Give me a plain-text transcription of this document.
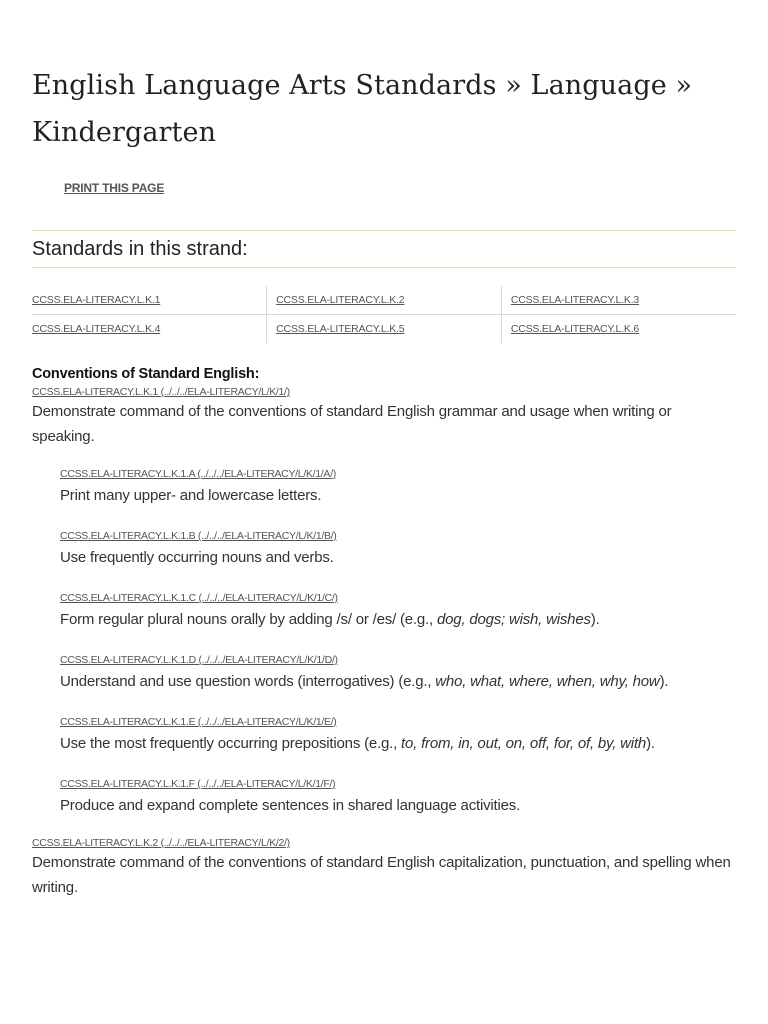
English Language Arts Standards » Language » Kindergarten
PRINT THIS PAGE
Standards in this strand:
CCSS.ELA-LITERACY.L.K.1	CCSS.ELA-LITERACY.L.K.2	CCSS.ELA-LITERACY.L.K.3
CCSS.ELA-LITERACY.L.K.4	CCSS.ELA-LITERACY.L.K.5	CCSS.ELA-LITERACY.L.K.6
Conventions of Standard English:
CCSS.ELA-LITERACY.L.K.1 (../../../ELA-LITERACY/L/K/1/)

Demonstrate command of the conventions of standard English grammar and usage when writing or speaking.

CCSS.ELA-LITERACY.L.K.1.A (../../../ELA-LITERACY/L/K/1/A/)

Print many upper- and lowercase letters.

CCSS.ELA-LITERACY.L.K.1.B (../../../ELA-LITERACY/L/K/1/B/)

Use frequently occurring nouns and verbs.

CCSS.ELA-LITERACY.L.K.1.C (../../../ELA-LITERACY/L/K/1/C/)

Form regular plural nouns orally by adding /s/ or /es/ (e.g., dog, dogs; wish, wishes).

CCSS.ELA-LITERACY.L.K.1.D (../../../ELA-LITERACY/L/K/1/D/)

Understand and use question words (interrogatives) (e.g., who, what, where, when, why, how).

CCSS.ELA-LITERACY.L.K.1.E (../../../ELA-LITERACY/L/K/1/E/)

Use the most frequently occurring prepositions (e.g., to, from, in, out, on, off, for, of, by, with).

CCSS.ELA-LITERACY.L.K.1.F (../../../ELA-LITERACY/L/K/1/F/)

Produce and expand complete sentences in shared language activities.

CCSS.ELA-LITERACY.L.K.2 (../../../ELA-LITERACY/L/K/2/)

Demonstrate command of the conventions of standard English capitalization, punctuation, and spelling when writing.
